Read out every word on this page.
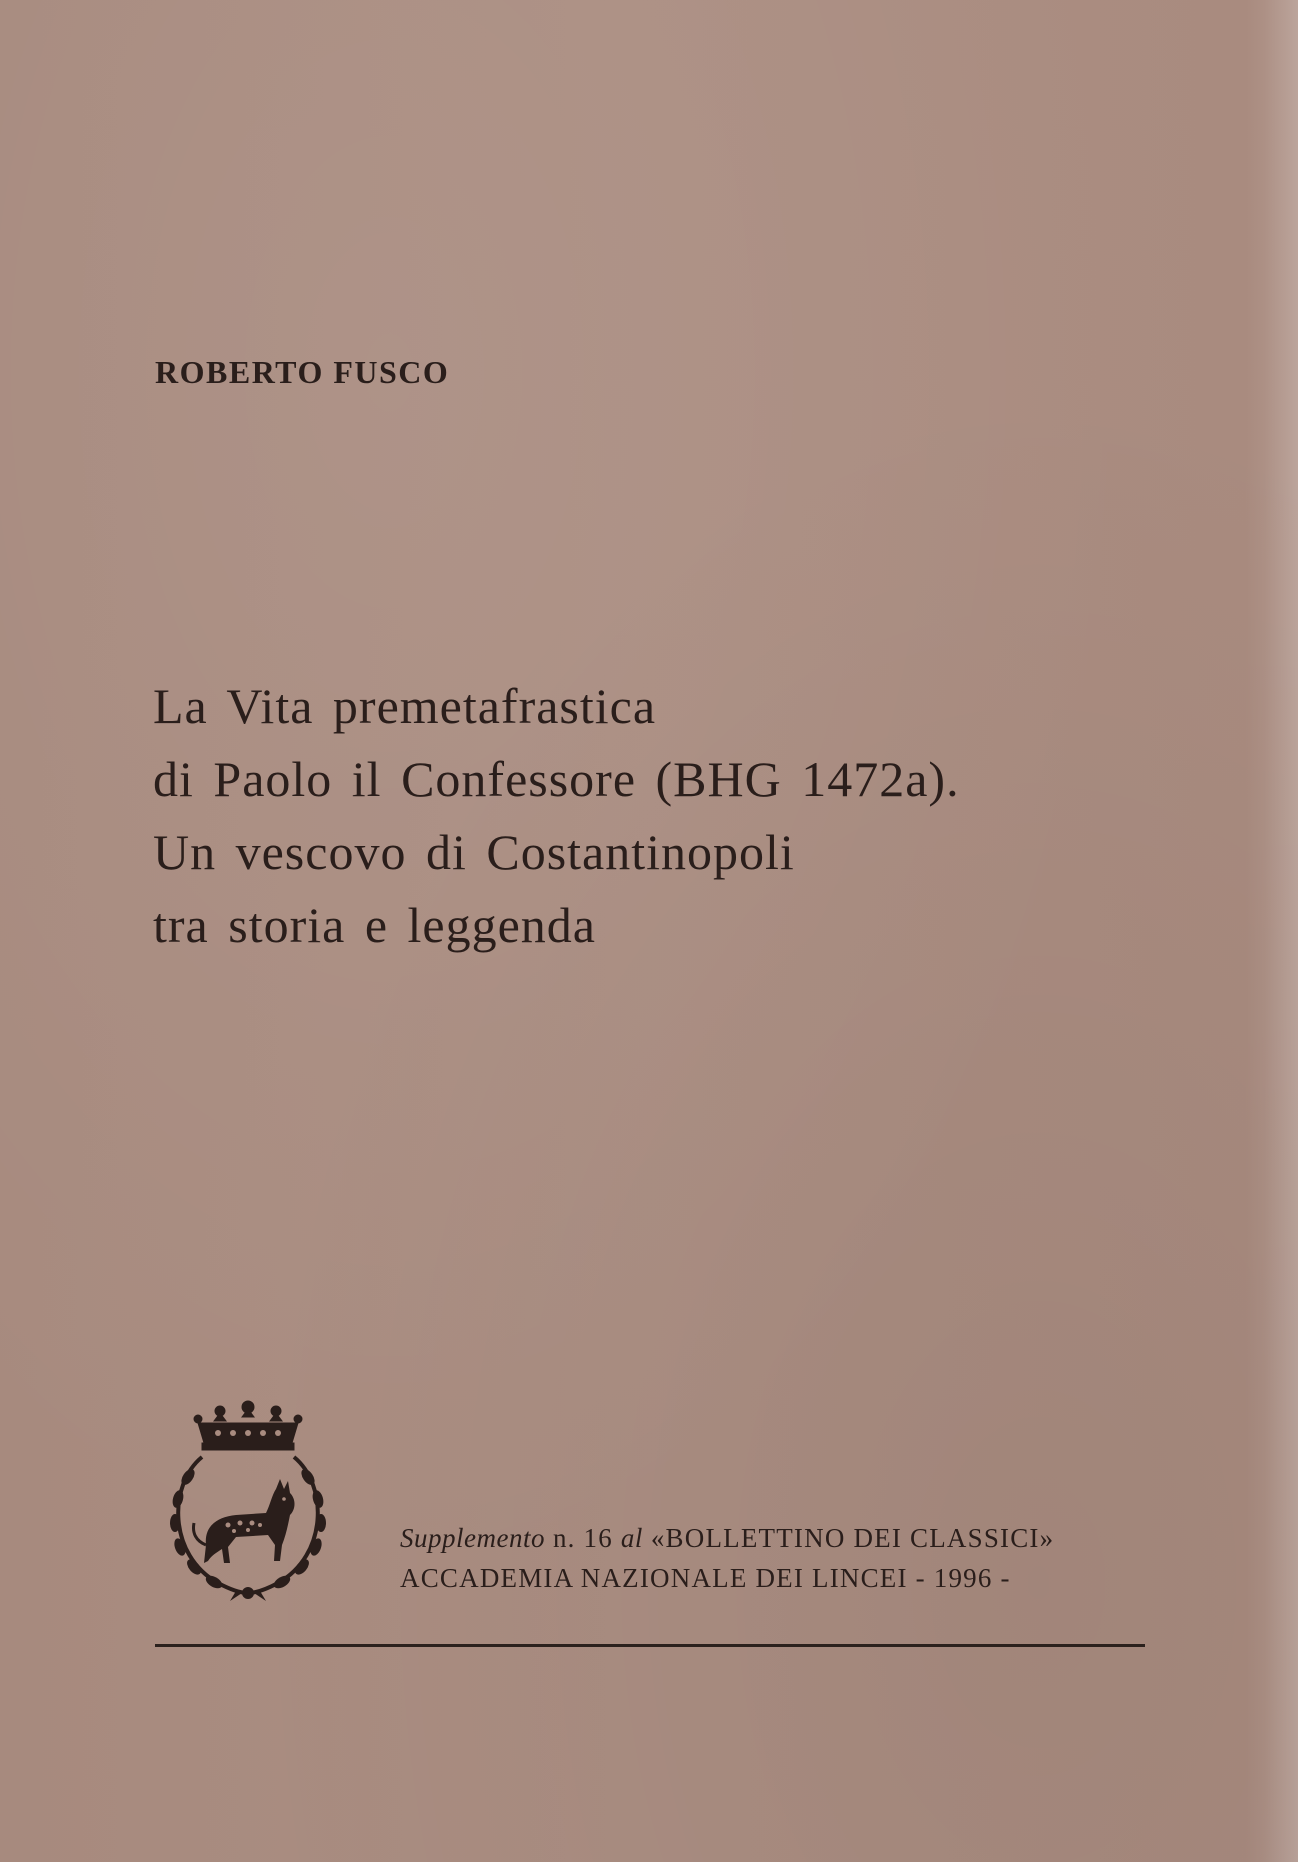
ROBERTO FUSCO
La Vita premetafrastica
di Paolo il Confessore (BHG 1472a).
Un vescovo di Costantinopoli
tra storia e leggenda
Supplemento n. 16 al «BOLLETTINO DEI CLASSICI»
ACCADEMIA NAZIONALE DEI LINCEI - 1996 -
